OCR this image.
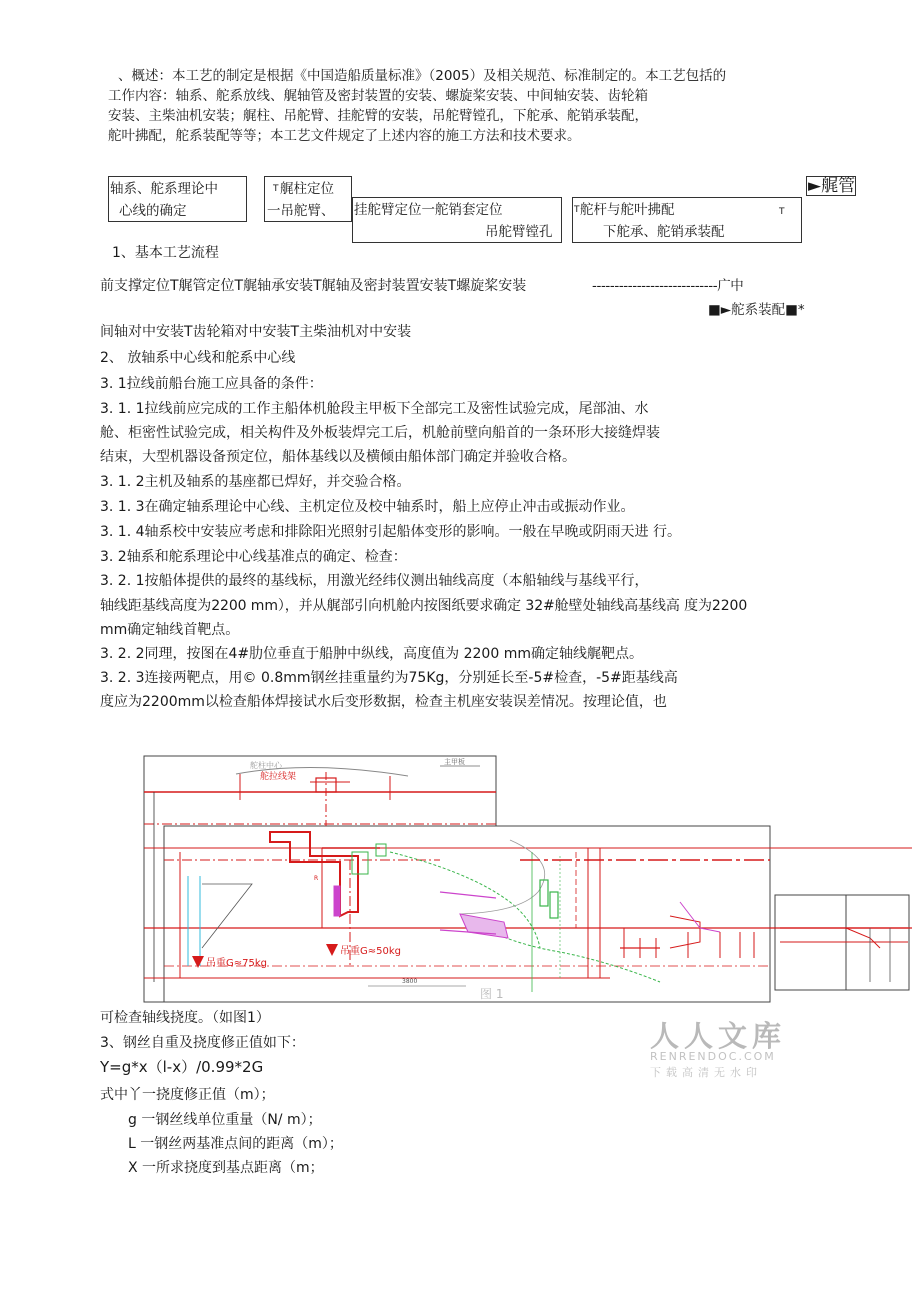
、概述：本工艺的制定是根据《中国造船质量标准》（2005）及相关规范、标准制定的。本工艺包括的
工作内容：轴系、舵系放线、艉轴管及密封装置的安装、螺旋桨安装、中间轴安装、齿轮箱
安装、主柴油机安装；艉柱、吊舵臂、挂舵臂的安装，吊舵臂镗孔，下舵承、舵销承装配，
舵叶拂配，舵系装配等等；本工艺文件规定了上述内容的施工方法和技术要求。
轴系、舵系理论中
心线的确定
T 艉柱定位
一吊舵臂、 挂舵臂定位一舵销套定位
吊舵臂镗孔
T 舵杆与舵叶拂配	T
下舵承、舵销承装配
►艉管
1、基本工艺流程
前支撑定位T艉管定位T艉轴承安装T艉轴及密封装置安装T螺旋桨安装	----------------------------广中
■►舵系装配■*
间轴对中安装T齿轮箱对中安装T主柴油机对中安装
2、 放轴系中心线和舵系中心线
3. 1拉线前船台施工应具备的条件：
3. 1. 1拉线前应完成的工作主船体机舱段主甲板下全部完工及密性试验完成，尾部油、水
舱、柜密性试验完成，相关构件及外板装焊完工后，机舱前壁向船首的一条环形大接缝焊装
结束，大型机器设备预定位，船体基线以及横倾由船体部门确定并验收合格。
3. 1. 2主机及轴系的基座都已焊好，并交验合格。
3. 1. 3在确定轴系理论中心线、主机定位及校中轴系时，船上应停止冲击或振动作业。
3. 1. 4轴系校中安装应考虑和排除阳光照射引起船体变形的影响。一般在早晚或阴雨天进 行。
3. 2轴系和舵系理论中心线基准点的确定、检查：
3. 2. 1按船体提供的最终的基线标，用激光经纬仪测出轴线高度（本船轴线与基线平行，
轴线距基线高度为2200 mm），并从艉部引向机舱内按图纸要求确定 32#舱壁处轴线高基线高 度为2200
mm确定轴线首靶点。
3. 2. 2同理，按图在4#肋位垂直于船肿中纵线，高度值为 2200 mm确定轴线艉靶点。
3. 2. 3连接两靶点，用© 0.8mm钢丝挂重量约为75Kg，分别延长至-5#检查，-5#距基线高
度应为2200mm以检查船体焊接试水后变形数据，检查主机座安装误差情况。按理论值，也
舵柱中心
舵拉线架
主甲板
R
吊重G≈75kg
吊重G≈50kg
3800
图 1
可检查轴线挠度。（如图1）
3、钢丝自重及挠度修正值如下：
Y=g*x（l-x）/0.99*2G
式中丫一挠度修正值（m）；
g 一钢丝线单位重量（N/ m）；
L 一钢丝两基准点间的距离（m）；
X 一所求挠度到基点距离（m；
人人文库
RENRENDOC.COM
下载高清无水印
